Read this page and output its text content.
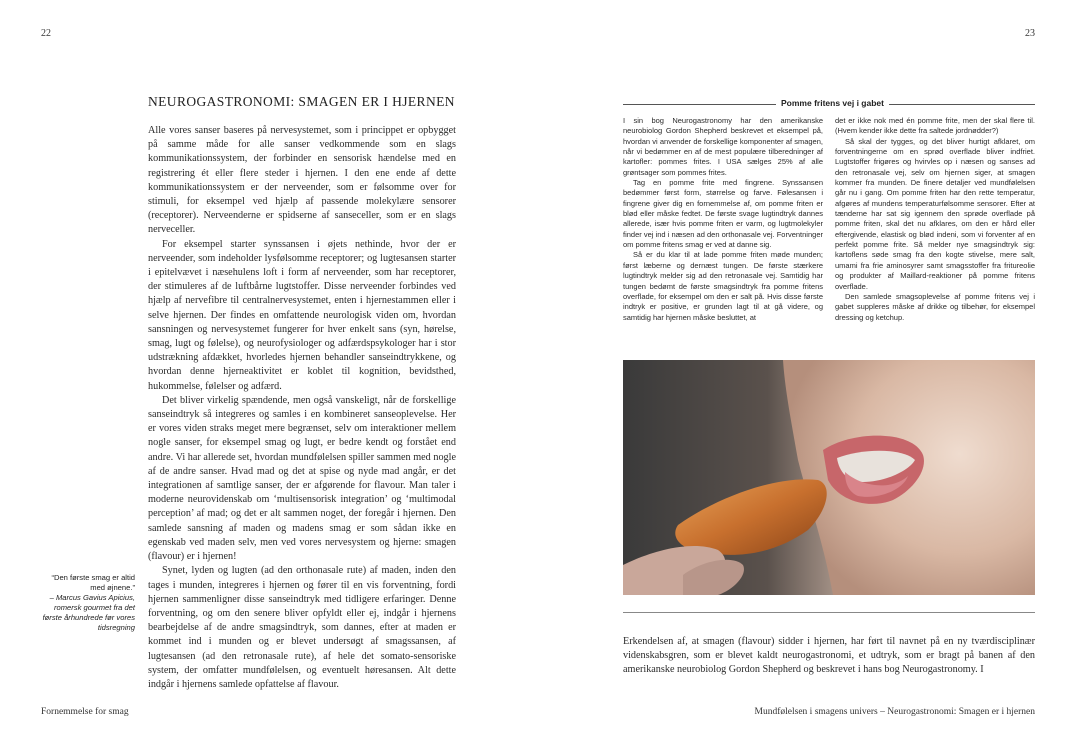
22
NEUROGASTRONOMI: SMAGEN ER I HJERNEN

Alle vores sanser baseres på nervesystemet, som i princippet er opbygget på samme måde for alle sanser vedkommende som en slags kommunikationssystem, der forbinder en sensorisk hændelse med en registrering ét eller flere steder i hjernen. I den ene ende af dette kommunikationssystem er der nerveender, som er følsomme over for stimuli, for eksempel ved hjælp af passende molekylære sensorer (receptorer). Nerveenderne er spidserne af sanseceller, som er en slags nerveceller.

For eksempel starter synssansen i øjets nethinde, hvor der er nerveender, som indeholder lysfølsomme receptorer; og lugtesansen starter i epitelvævet i næsehulens loft i form af nerveender, som har receptorer, der stimuleres af de luftbårne lugtstoffer. Disse nerveender forbindes ved hjælp af nervefibre til centralnervesystemet, enten i hjernestammen eller i selve hjernen. Der findes en omfattende neurologisk viden om, hvordan sansningen og nervesystemet fungerer for hver enkelt sans (syn, hørelse, smag, lugt og følelse), og neurofysiologer og adfærdspsykologer har i stor udstrækning afdækket, hvorledes hjernen behandler sanseindtrykkene, og hvordan denne hjerneaktivitet er koblet til kognition, bevidsthed, hukommelse, følelser og adfærd.

Det bliver virkelig spændende, men også vanskeligt, når de forskellige sanseindtryk så integreres og samles i en kombineret sanseoplevelse. Her er vores viden straks meget mere begrænset, selv om interaktioner mellem nogle sanser, for eksempel smag og lugt, er bedre kendt og forstået end andre. Vi har allerede set, hvordan mundfølelsen spiller sammen med nogle af de andre sanser. Hvad mad og det at spise og nyde mad angår, er det integrationen af samtlige sanser, der er afgørende for flavour. Man taler i moderne neurovidenskab om ‘multisensorisk integration’ og ‘multimodal perception’ af mad; og det er alt sammen noget, der foregår i hjernen. Den samlede sansning af maden og madens smag er som sådan ikke en egenskab ved maden selv, men ved vores nervesystem og hjerne: smagen (flavour) er i hjernen!

Synet, lyden og lugten (ad den orthonasale rute) af maden, inden den tages i munden, integreres i hjernen og fører til en vis forventning, fordi hjernen sammenligner disse sanseindtryk med tidligere erfaringer. Denne forventning, og om den senere bliver opfyldt eller ej, indgår i hjernens bearbejdelse af de andre smagsindtryk, som dannes, efter at maden er kommet ind i munden og er blevet undersøgt af smagssansen, af lugtesansen (ad den retronasale rute), af hele det somato-sensoriske system, der omfatter mundfølelsen, og eventuelt høresansen. Alt dette indgår i hjernens samlede opfattelse af flavour.

“Den første smag er altid med øjnene.”
– Marcus Gavius Apicius, romersk gourmet fra det første århundrede før vores tidsregning
Fornemmelse for smag
23
Pomme fritens vej i gabet

I sin bog Neurogastronomy har den amerikanske neurobiolog Gordon Shepherd beskrevet et eksempel på, hvordan vi anvender de forskellige komponenter af smagen, når vi bedømmer en af de mest populære tilberedninger af kartofler: pommes frites. I USA sælges 25% af alle grøntsager som pommes frites.

Tag en pomme frite med fingrene. Synssansen bedømmer først form, størrelse og farve. Følesansen i fingrene giver dig en fornemmelse af, om pomme friten er blød eller måske fedtet. De første svage lugtindtryk dannes allerede, især hvis pomme friten er varm, og lugtmolekyler finder vej ind i næsen ad den orthonasale vej. Forventninger om pomme fritens smag er ved at danne sig.

Så er du klar til at lade pomme friten møde munden; først læberne og dernæst tungen. De første stærkere lugtindtryk melder sig ad den retronasale vej. Samtidig har tungen bedømt de første smagsindtryk fra pomme fritens overflade, for eksempel om den er salt på. Hvis disse første indtryk er positive, er grunden lagt til at gå videre, og samtidig har hjernen måske besluttet, at

det er ikke nok med én pomme frite, men der skal flere til. (Hvem kender ikke dette fra saltede jordnødder?)

Så skal der tygges, og det bliver hurtigt afklaret, om forventningerne om en sprød overflade bliver indfriet. Lugtstoffer frigøres og hvirvles op i næsen og sanses ad den retronasale vej, selv om hjernen siger, at smagen kommer fra munden. De finere detaljer ved mundfølelsen går nu i gang. Om pomme friten har den rette temperatur, afgøres af mundens temperaturfølsomme sensorer. Efter at tænderne har sat sig igennem den sprøde overflade på pomme friten, skal det nu afklares, om den er hård eller eftergivende, elastisk og blød indeni, som vi forventer af en perfekt pomme frite. Så melder nye smagsindtryk sig: kartoflens søde smag fra den kogte stivelse, mere salt, umami fra frie aminosyrer samt smagsstoffer fra friturеolie og produkter af Maillard-reaktioner på pomme fritens overflade.

Den samlede smagsoplevelse af pomme fritens vej i gabet suppleres måske af drikke og tilbehør, for eksempel dressing og ketchup.

Erkendelsen af, at smagen (flavour) sidder i hjernen, har ført til navnet på en ny tværdisciplinær videnskabsgren, som er blevet kaldt neurogastronomi, et udtryk, som er bragt på banen af den amerikanske neurobiolog Gordon Shepherd og beskrevet i hans bog Neurogastronomy. I

Mundfølelsen i smagens univers – Neurogastronomi: Smagen er i hjernen
